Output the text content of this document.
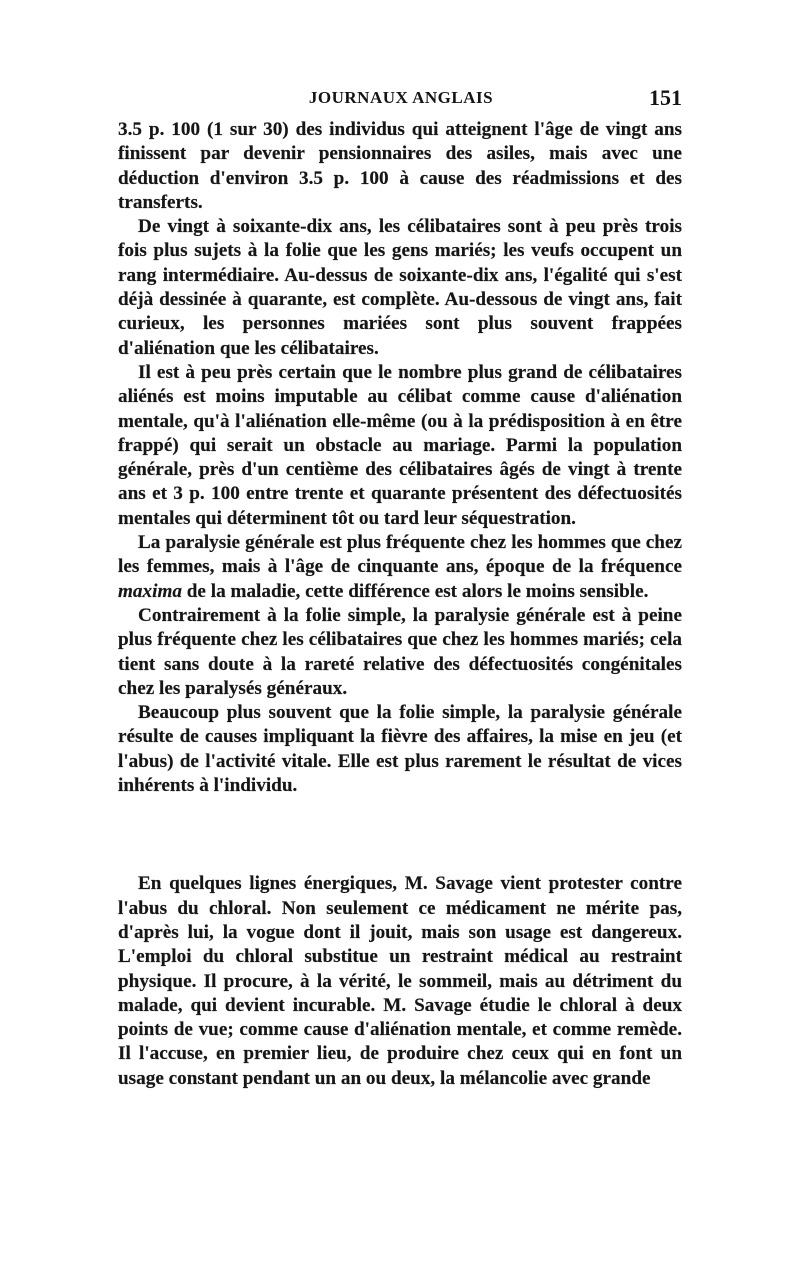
JOURNAUX ANGLAIS	151

3.5 p. 100 (1 sur 30) des individus qui atteignent l'âge de vingt ans finissent par devenir pensionnaires des asiles, mais avec une déduction d'environ 3.5 p. 100 à cause des réadmissions et des transferts.

De vingt à soixante-dix ans, les célibataires sont à peu près trois fois plus sujets à la folie que les gens mariés; les veufs occupent un rang intermédiaire. Au-dessus de soixante-dix ans, l'égalité qui s'est déjà dessinée à quarante, est complète. Au-dessous de vingt ans, fait curieux, les personnes mariées sont plus souvent frappées d'aliénation que les célibataires.

Il est à peu près certain que le nombre plus grand de célibataires aliénés est moins imputable au célibat comme cause d'aliénation mentale, qu'à l'aliénation elle-même (ou à la prédisposition à en être frappé) qui serait un obstacle au mariage. Parmi la population générale, près d'un centième des célibataires âgés de vingt à trente ans et 3 p. 100 entre trente et quarante présentent des défectuosités mentales qui déterminent tôt ou tard leur séquestration.

La paralysie générale est plus fréquente chez les hommes que chez les femmes, mais à l'âge de cinquante ans, époque de la fréquence maxima de la maladie, cette différence est alors le moins sensible.

Contrairement à la folie simple, la paralysie générale est à peine plus fréquente chez les célibataires que chez les hommes mariés; cela tient sans doute à la rareté relative des défectuosités congénitales chez les paralysés généraux.

Beaucoup plus souvent que la folie simple, la paralysie générale résulte de causes impliquant la fièvre des affaires, la mise en jeu (et l'abus) de l'activité vitale. Elle est plus rarement le résultat de vices inhérents à l'individu.

En quelques lignes énergiques, M. Savage vient protester contre l'abus du chloral. Non seulement ce médicament ne mérite pas, d'après lui, la vogue dont il jouit, mais son usage est dangereux. L'emploi du chloral substitue un restraint médical au restraint physique. Il procure, à la vérité, le sommeil, mais au détriment du malade, qui devient incurable. M. Savage étudie le chloral à deux points de vue; comme cause d'aliénation mentale, et comme remède. Il l'accuse, en premier lieu, de produire chez ceux qui en font un usage constant pendant un an ou deux, la mélancolie avec grande
